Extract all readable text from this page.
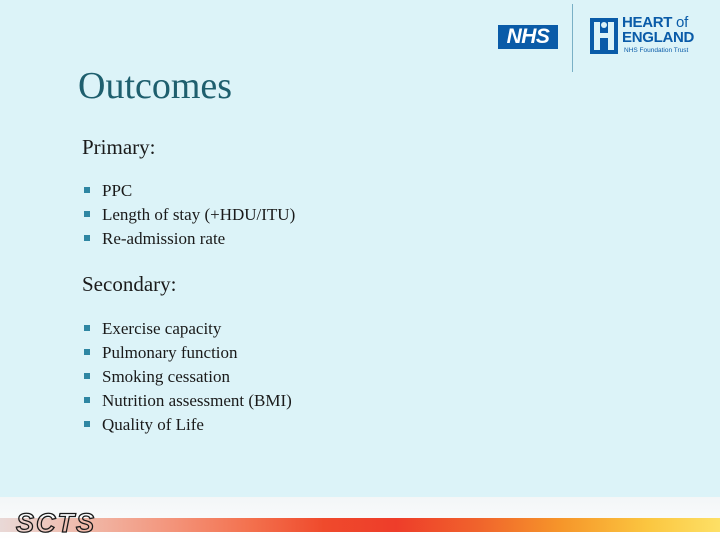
NHS
HEART of
ENGLAND
NHS Foundation Trust
Outcomes
Primary:
PPC
Length of stay (+HDU/ITU)
Re-admission rate
Secondary:
Exercise capacity
Pulmonary function
Smoking cessation
Nutrition assessment (BMI)
Quality of Life
SCTS
